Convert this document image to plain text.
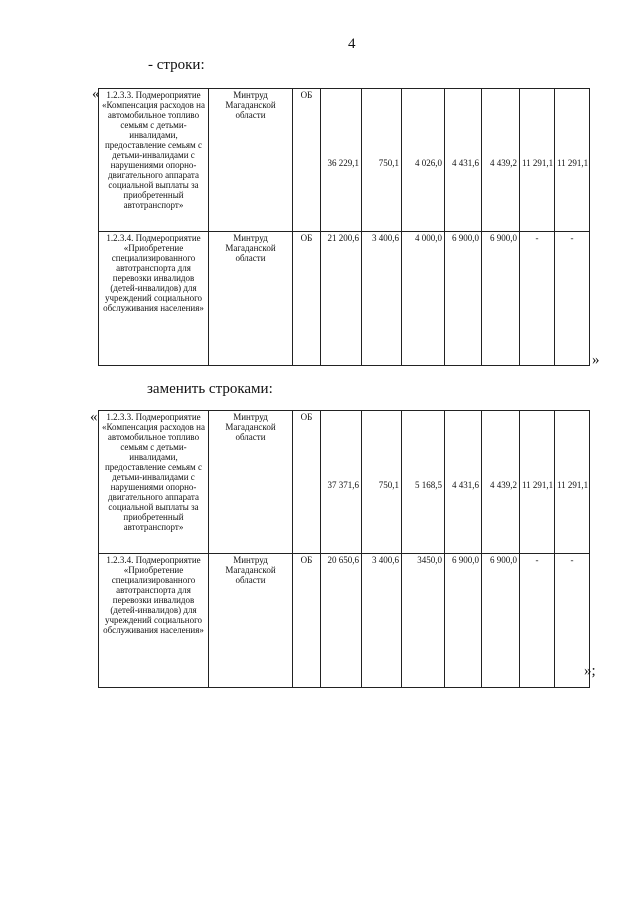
4
- строки:
« 1.2.3.3. Подмероприятие «Компенсация расходов на автомобильное топливо семьям с детьми-инвалидами, предоставление семьям с детьми-инвалидами с нарушениями опорно-двигательного аппарата социальной выплаты за приобретенный автотранспорт»	Минтруд Магаданской области	ОБ	36 229,1	750,1	4 026,0	4 431,6	4 439,2	11 291,1	11 291,1
1.2.3.4. Подмероприятие «Приобретение специализированного автотранспорта для перевозки инвалидов (детей-инвалидов) для учреждений социального обслуживания населения»	Минтруд Магаданской области	ОБ	21 200,6	3 400,6	4 000,0	6 900,0	6 900,0	-	-
»
заменить строками:
« 1.2.3.3. Подмероприятие «Компенсация расходов на автомобильное топливо семьям с детьми-инвалидами, предоставление семьям с детьми-инвалидами с нарушениями опорно-двигательного аппарата социальной выплаты за приобретенный автотранспорт»	Минтруд Магаданской области	ОБ	37 371,6	750,1	5 168,5	4 431,6	4 439,2	11 291,1	11 291,1
1.2.3.4. Подмероприятие «Приобретение специализированного автотранспорта для перевозки инвалидов (детей-инвалидов) для учреждений социального обслуживания населения»	Минтруд Магаданской области	ОБ	20 650,6	3 400,6	3450,0	6 900,0	6 900,0	-	-
»;
